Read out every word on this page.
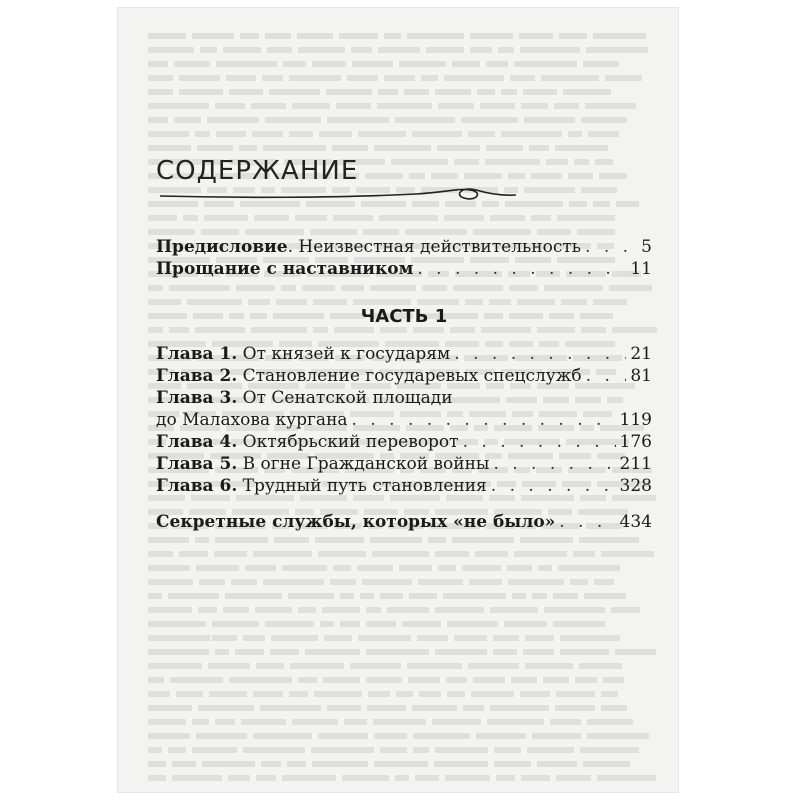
СОДЕРЖАНИЕ
Предисловие. Неизвестная действительность . . .	5
Прощание с наставником . . .	11
ЧАСТЬ 1
Глава 1. От князей к государям . . .	21
Глава 2. Становление государевых спецслужб . . .	81
Глава 3. От Сенатской площади
до Малахова кургана . . .	119
Глава 4. Октябрьский переворот . . .	176
Глава 5. В огне Гражданской войны . . .	211
Глава 6. Трудный путь становления . . .	328
Секретные службы, которых «не было» . . .	434
